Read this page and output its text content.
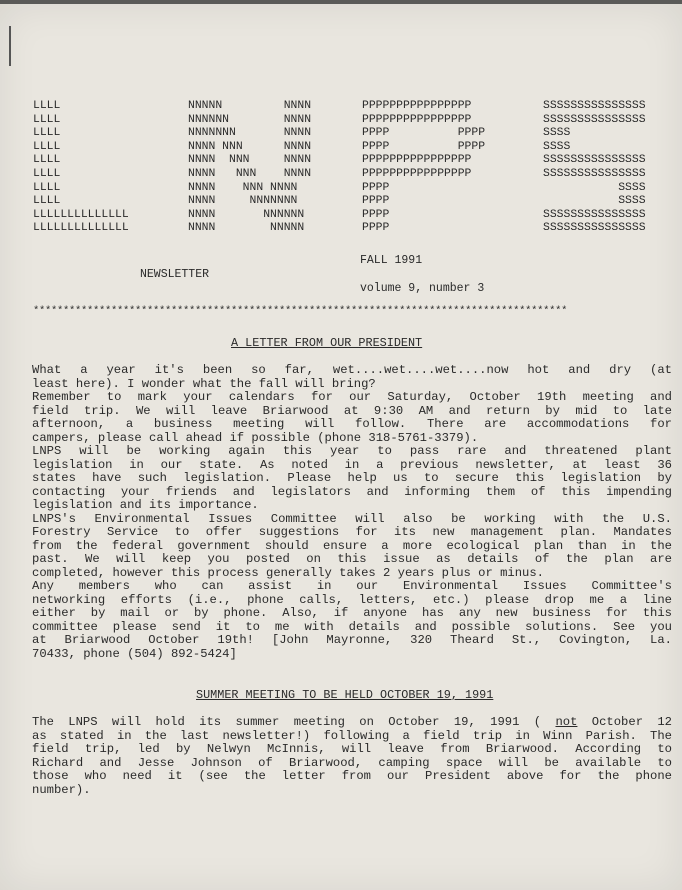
LLLL
LLLL
LLLL
LLLL
LLLL
LLLL
LLLL
LLLL
LLLLLLLLLLLLLL
LLLLLLLLLLLLLL
NNNNN         NNNN
NNNNNN        NNNN
NNNNNNN       NNNN
NNNN NNN      NNNN
NNNN  NNN     NNNN
NNNN   NNN    NNNN
NNNN    NNN NNNN
NNNN     NNNNNNN
NNNN       NNNNNN
NNNN        NNNNN
PPPPPPPPPPPPPPPP
PPPPPPPPPPPPPPPP
PPPP          PPPP
PPPP          PPPP
PPPPPPPPPPPPPPPP
PPPPPPPPPPPPPPPP
PPPP
PPPP
PPPP
PPPP
SSSSSSSSSSSSSSS
SSSSSSSSSSSSSSS
SSSS
SSSS
SSSSSSSSSSSSSSS
SSSSSSSSSSSSSSS
SSSS
SSSS
SSSSSSSSSSSSSSS
SSSSSSSSSSSSSSS
FALL 1991
NEWSLETTER
volume 9, number 3
*****************************************************************************************
A LETTER FROM OUR PRESIDENT
What a year it's been so far, wet....wet....wet....now hot and dry (at
least here). I wonder what the fall will bring?
Remember to mark your calendars for our Saturday, October 19th meeting and
field trip. We will leave Briarwood at 9:30 AM and return by mid to late
afternoon, a business meeting will follow. There are accommodations for
campers, please call ahead if possible (phone 318-5761-3379).
LNPS will be working again this year to pass rare and threatened plant
legislation in our state. As noted in a previous newsletter, at least 36
states have such legislation. Please help us to secure this legislation by
contacting your friends and legislators and informing them of this impending
legislation and its importance.
LNPS's Environmental Issues Committee will also be working with the U.S.
Forestry Service to offer suggestions for its new management plan. Mandates
from the federal government should ensure a more ecological plan than in the
past. We will keep you posted on this issue as details of the plan are
completed, however this process generally takes 2 years plus or minus.
Any members who can assist in our Environmental Issues Committee's
networking efforts (i.e., phone calls, letters, etc.) please drop me a line
either by mail or by phone. Also, if anyone has any new business for this
committee please send it to me with details and possible solutions. See you
at Briarwood October 19th! [John Mayronne, 320 Theard St., Covington, La.
70433, phone (504) 892-5424]
SUMMER MEETING TO BE HELD OCTOBER 19, 1991
The LNPS will hold its summer meeting on October 19, 1991 ( not October 12
as stated in the last newsletter!) following a field trip in Winn Parish. The
field trip, led by Nelwyn McInnis, will leave from Briarwood. According to
Richard and Jesse Johnson of Briarwood, camping space will be available to
those who need it (see the letter from our President above for the phone
number).
